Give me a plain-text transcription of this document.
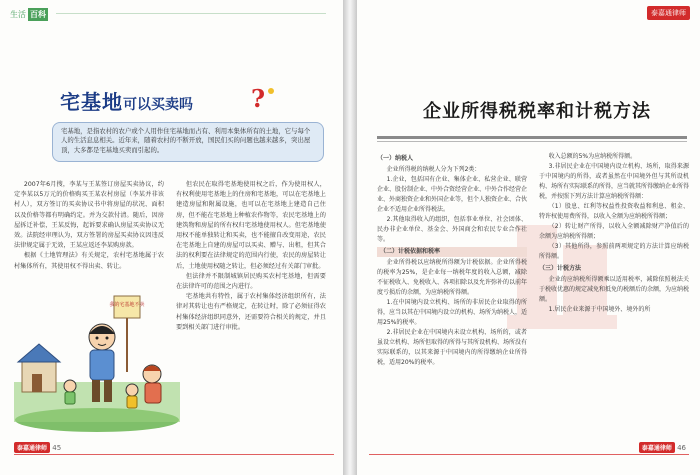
生活 百科
宅基地可以买卖吗 ?
宅基地，是指农村的农户或个人用作住宅基地而占有、利用本集体所有的土地，它与每个人的生活息息相关。近年来，随着农村的不断开放，国民们买的问题也越来越多，突出屋顶，大多都是宅基地买卖而引起的。

2007年6月搜，李某与王某签订房屋买卖协议，约定李某以5万元的价格购买王某农村房屋（李某并非该村人），双方签订的买卖协议书中将房屋的状况、面积以及价格等都有明确约定。并为交款付清。随后，因房屋拆迁补偿，王某反悔，起诉要求确认房屋买卖协议无效。法院经审理认为，双方签署的房屋买卖协议因违反法律规定属于无效，王某应返还李某购房款。

根据《土地管理法》有关规定，农村宅基地属于农村集体所有，其使用权不得出卖、转让。

但农民在取得宅基地使用权之后，作为使用权人，有权利使用宅基地上的住房和宅基地，可以在宅基地上建造房屋和附属设施，也可以在宅基地上建造自己住房，但不能在宅基地上种植农作物等，农民宅基地上的建筑物和房屋的所有权归宅基地使用权人。但宅基地使用权不能单独转让和买卖，也不能擅自改变用途，农民在宅基地上自建的房屋可以买卖、赠与、出租，但其合法的权利要在法律规定的范围内行使，农民的房屋转让后，土地使用权随之转让，但必须经过有关部门审批。

但法律并不限制城镇居民购买农村宅基地，但需要在法律许可的范围之内进行。

宅基地共有特性，属于农村集体经济组织所有，法律对其转让也有严格规定，在转让时，除了必须征得农村集体经济组织同意外，还需要符合相关的规定，并且要到相关部门进行审批。

我的宅基地不卖
泰嘉通律师 45
泰嘉通律师
企业所得税税率和计税方法
（一）纳税人

企业所得税的纳税人分为下列2类：

1.企业，包括国有企业、集体企业、私营企业、联营企业、股份制企业、中外合资经营企业、中外合作经营企业、外商独资企业和外国企业等，但个人独资企业、合伙企业不适用企业所得税法。

2.其他取得收入的组织，包括事业单位、社会团体、民办非企业单位、基金会、外国商会和农民专业合作社等。

（二）计税依据和税率

企业所得税以应纳税所得额为计税依据。企业所得税的税率为25%，是企业每一纳税年度的收入总额，减除不征税收入、免税收入、各项扣除以及允许弥补的以前年度亏损后的余额，为应纳税所得额。

1.在中国境内设立机构、场所的非居民企业取得的所得，应当以其在中国境内设立的机构、场所为纳税人，适用25%的税率。

2.非居民企业在中国境内未设立机构、场所的，或者虽设立机构、场所但取得的所得与其所设机构、场所没有实际联系的，以其来源于中国境内的所得缴纳企业所得税，适用20%的税率。

收入总额的5%为应纳税所得额。

3.非居民企业在中国境内设立机构、场所，取得来源于中国境内的所得，或者虽然在中国境外但与其所设机构、场所有实际联系的所得，应当就其所得缴纳企业所得税，并按照下列方法计算应纳税所得额：

（1）股息、红利等权益性投资收益和利息、租金、特许权使用费所得，以收入全额为应纳税所得额；

（2）转让财产所得，以收入全额减除财产净值后的余额为应纳税所得额；

（3）其他所得，参照前两项规定的方法计算应纳税所得额。

（三）计税方法

企业的应纳税所得额乘以适用税率，减除依照税法关于税收优惠的规定减免和抵免的税额后的余额，为应纳税额。

1.居民企业来源于中国境外、境外的所

泰嘉通律师 46
